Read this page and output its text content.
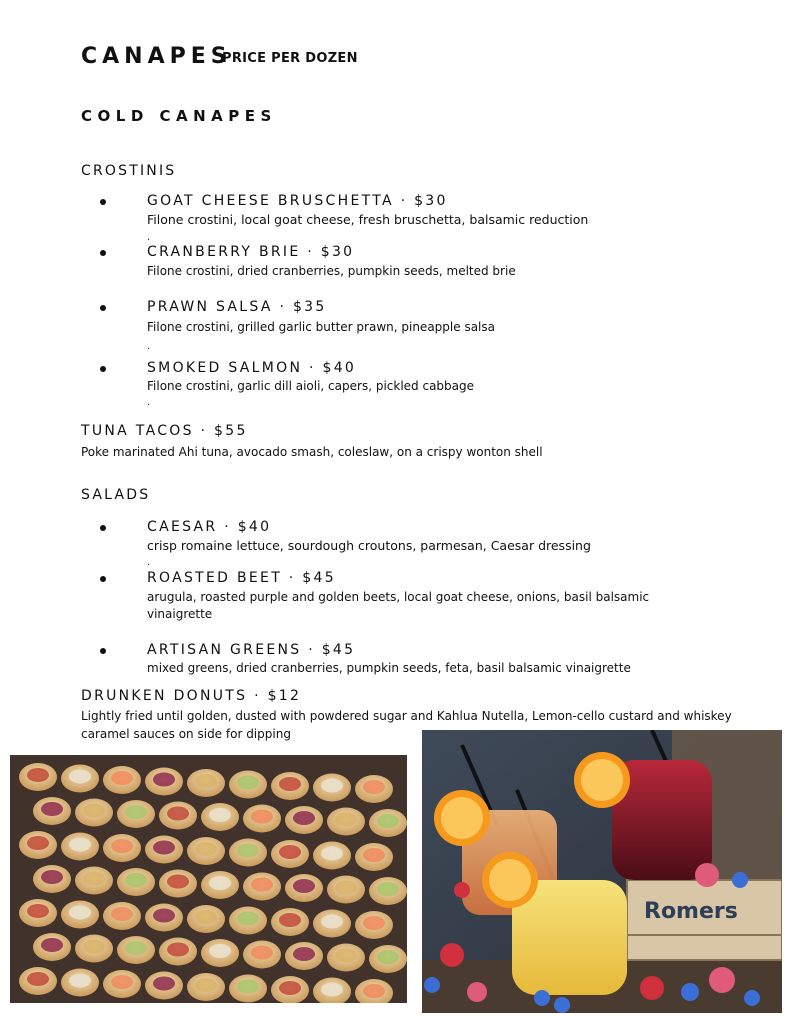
CANAPES
PRICE PER DOZEN
COLD CANAPES
CROSTINIS
GOAT CHEESE BRUSCHETTA · $30
Filone crostini, local goat cheese, fresh bruschetta, balsamic reduction
.
CRANBERRY BRIE · $30
Filone crostini, dried cranberries, pumpkin seeds, melted brie
PRAWN SALSA · $35
Filone crostini, grilled garlic butter prawn, pineapple salsa
.
SMOKED SALMON · $40
Filone crostini, garlic dill aioli, capers, pickled cabbage
.
TUNA TACOS · $55
Poke marinated Ahi tuna, avocado smash, coleslaw, on a crispy wonton shell
SALADS
CAESAR · $40
crisp romaine lettuce, sourdough croutons, parmesan, Caesar dressing
.
ROASTED BEET · $45
arugula, roasted purple and golden beets, local goat cheese, onions, basil balsamic
vinaigrette
ARTISAN GREENS · $45
mixed greens, dried cranberries, pumpkin seeds, feta, basil balsamic vinaigrette
DRUNKEN DONUTS · $12
Lightly fried until golden, dusted with powdered sugar and Kahlua Nutella, Lemon-cello custard and whiskey
caramel sauces on side for dipping
Romers
